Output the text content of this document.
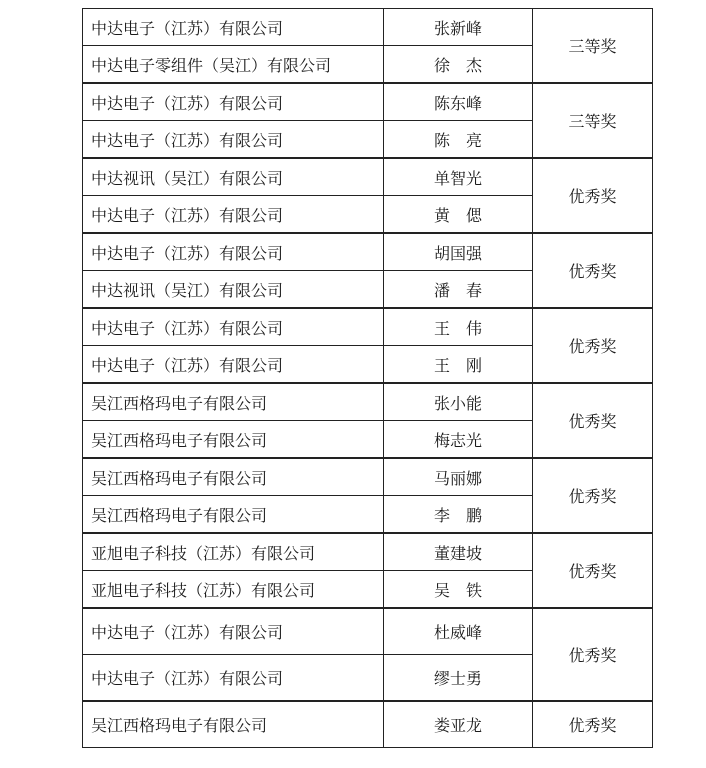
中达电子（江苏）有限公司	张新峰	三等奖
中达电子零组件（吴江）有限公司	徐　杰	
中达电子（江苏）有限公司	陈东峰	三等奖
中达电子（江苏）有限公司	陈　亮	
中达视讯（吴江）有限公司	单智光	优秀奖
中达电子（江苏）有限公司	黄　偲	
中达电子（江苏）有限公司	胡国强	优秀奖
中达视讯（吴江）有限公司	潘　春	
中达电子（江苏）有限公司	王　伟	优秀奖
中达电子（江苏）有限公司	王　刚	
吴江西格玛电子有限公司	张小能	优秀奖
吴江西格玛电子有限公司	梅志光	
吴江西格玛电子有限公司	马丽娜	优秀奖
吴江西格玛电子有限公司	李　鹏	
亚旭电子科技（江苏）有限公司	董建坡	优秀奖
亚旭电子科技（江苏）有限公司	吴　铁	
中达电子（江苏）有限公司	杜威峰	优秀奖
中达电子（江苏）有限公司	缪士勇	
吴江西格玛电子有限公司	娄亚龙	优秀奖
